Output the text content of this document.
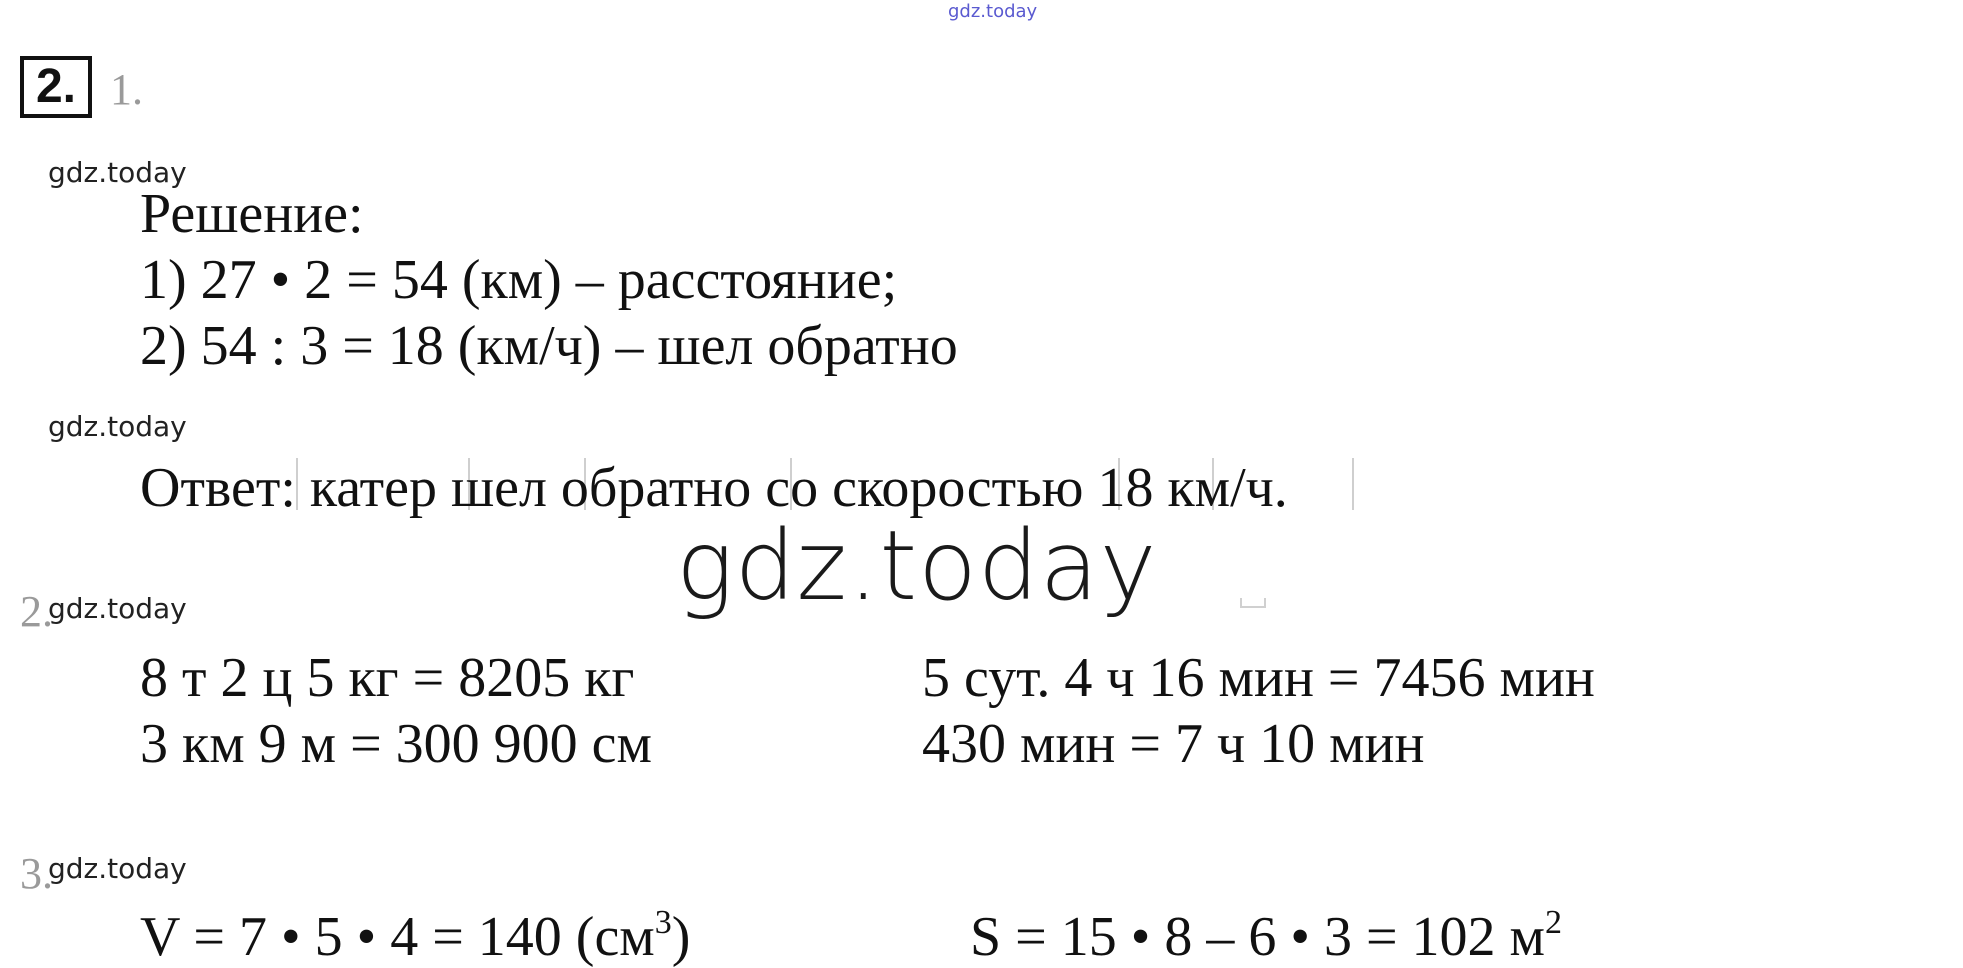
gdz.today
2. 1.
gdz.today
Решение:
1) 27 • 2 = 54 (км) – расстояние;
2) 54 : 3 = 18 (км/ч) – шел обратно
gdz.today
Ответ: катер шел обратно со скоростью 18 км/ч.
gdz.today
2.
gdz.today
8 т 2 ц 5 кг = 8205 кг
3 км 9 м = 300 900 см
5 сут. 4 ч 16 мин = 7456 мин
430 мин = 7 ч 10 мин
3.
gdz.today
V = 7 • 5 • 4 = 140 $(см^3)$	S = 15 • 8 – 6 • 3 = 102 $м^2$
